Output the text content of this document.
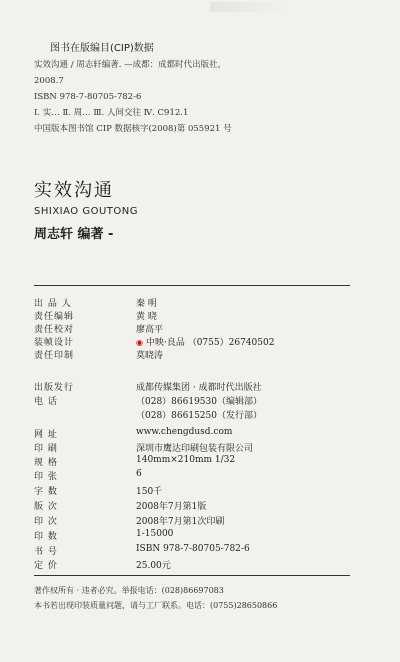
图书在版编目(CIP)数据
实效沟通 / 周志轩编著. —成都：成都时代出版社，
2008.7
ISBN 978-7-80705-782-6
Ⅰ. 实… Ⅱ. 周… Ⅲ. 人间交往 Ⅳ. C912.1
中国版本图书馆 CIP 数据核字(2008)第 055921 号
实效沟通
SHIXIAO GOUTONG
周志轩 编著 -
出 品 人	秦 明
责任编辑	黄 晓
责任校对	廖高平
装帧设计	◉ 中映·良品 （0755）26740502
责任印制	莫晓涛
出版发行	成都传媒集团 · 成都时代出版社
电 话	（028）86619530（编辑部）
（028）86615250（发行部）
网 址	www.chengdusd.com
印 刷	深圳市鹰达印刷包装有限公司
规 格	140mm×210mm 1/32
印 张	6
字 数	150千
版 次	2008年7月第1版
印 次	2008年7月第1次印刷
印 数	1-15000
书 号	ISBN 978-7-80705-782-6
定 价	25.00元
著作权所有 · 违者必究。举报电话：(028)86697083
本书若出现印装质量问题，请与工厂联系。电话：(0755)28650866
